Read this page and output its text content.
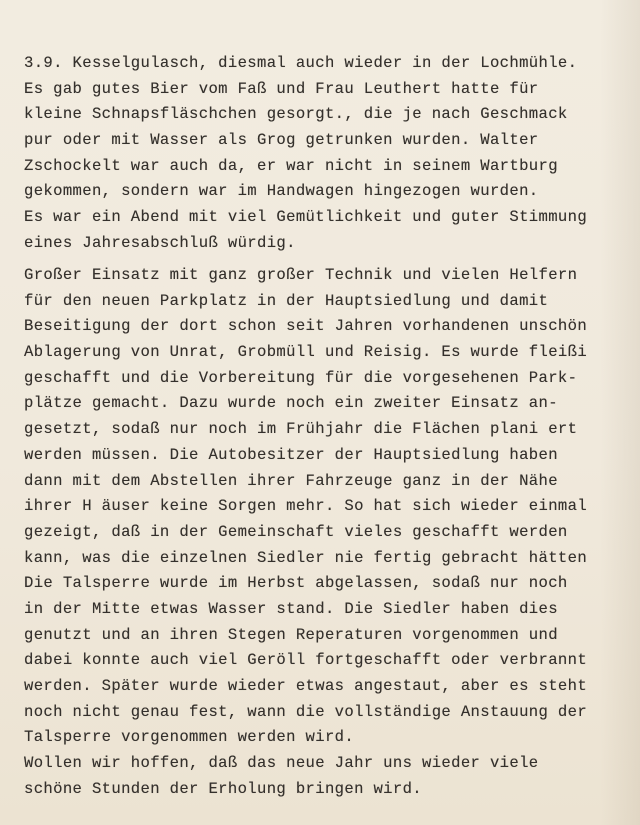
3.9. Kesselgulasch, diesmal auch wieder in der Lochmühle.
Es gab gutes Bier vom Faß und Frau Leuthert hatte für
kleine Schnapsfläschchen gesorgt., die je nach Geschmack
pur oder mit Wasser als Grog getrunken wurden. Walter
Zschockelt war auch da, er war nicht in seinem Wartburg
gekommen, sondern war im Handwagen hingezogen wurden.
Es war ein Abend mit viel Gemütlichkeit und guter Stimmung
eines Jahresabschluß würdig.
Großer Einsatz mit ganz großer Technik und vielen Helfern
für den neuen Parkplatz in der Hauptsiedlung und damit
Beseitigung der dort schon seit Jahren vorhandenen unschön
Ablagerung von Unrat, Grobmüll und Reisig. Es wurde fleißi
geschafft und die Vorbereitung für die vorgesehenen Park-
plätze gemacht. Dazu wurde noch ein zweiter Einsatz an-
gesetzt, sodaß nur noch im Frühjahr die Flächen plani ert
werden müssen. Die Autobesitzer der Hauptsiedlung haben
dann mit dem Abstellen ihrer Fahrzeuge ganz in der Nähe
ihrer H äuser keine Sorgen mehr. So hat sich wieder einmal
gezeigt, daß in der Gemeinschaft vieles geschafft werden
kann, was die einzelnen Siedler nie fertig gebracht hätten
Die Talsperre wurde im Herbst abgelassen, sodaß nur noch
in der Mitte etwas Wasser stand. Die Siedler haben dies
genutzt und an ihren Stegen Reperaturen vorgenommen und
dabei konnte auch viel Geröll fortgeschafft oder verbrannt
werden. Später wurde wieder etwas angestaut, aber es steht
noch nicht genau fest, wann die vollständige Anstauung der
Talsperre vorgenommen werden wird.
Wollen wir hoffen, daß das neue Jahr uns wieder viele
schöne Stunden der Erholung bringen wird.
